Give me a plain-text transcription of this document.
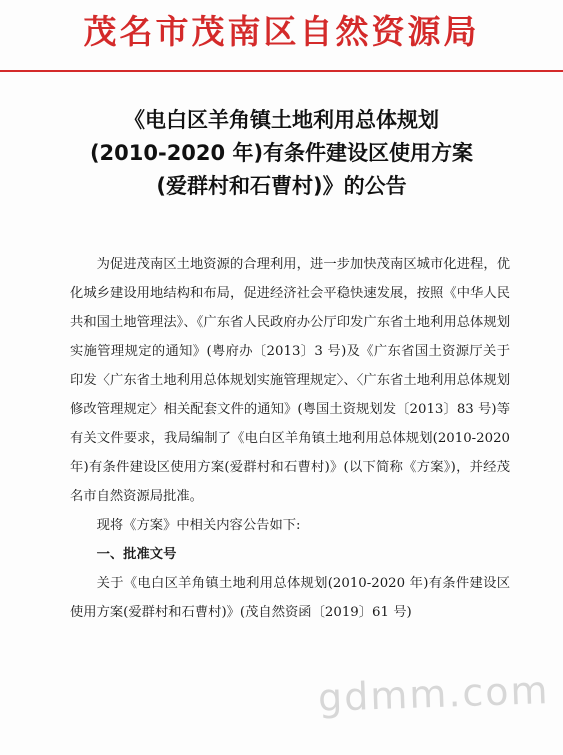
茂名市茂南区自然资源局
《电白区羊角镇土地利用总体规划
(2010-2020 年)有条件建设区使用方案
(爱群村和石曹村)》的公告

为促进茂南区土地资源的合理利用，进一步加快茂南区城市化进程，优化城乡建设用地结构和布局，促进经济社会平稳快速发展，按照《中华人民共和国土地管理法》、《广东省人民政府办公厅印发广东省土地利用总体规划实施管理规定的通知》(粤府办〔2013〕3 号)及《广东省国土资源厅关于印发〈广东省土地利用总体规划实施管理规定〉、〈广东省土地利用总体规划修改管理规定〉相关配套文件的通知》(粤国土资规划发〔2013〕83 号)等有关文件要求，我局编制了《电白区羊角镇土地利用总体规划(2010-2020 年)有条件建设区使用方案(爱群村和石曹村)》(以下简称《方案》)，并经茂名市自然资源局批准。

现将《方案》中相关内容公告如下:

一、批准文号

关于《电白区羊角镇土地利用总体规划(2010-2020 年)有条件建设区使用方案(爱群村和石曹村)》(茂自然资函〔2019〕61 号)

gdmm.com
